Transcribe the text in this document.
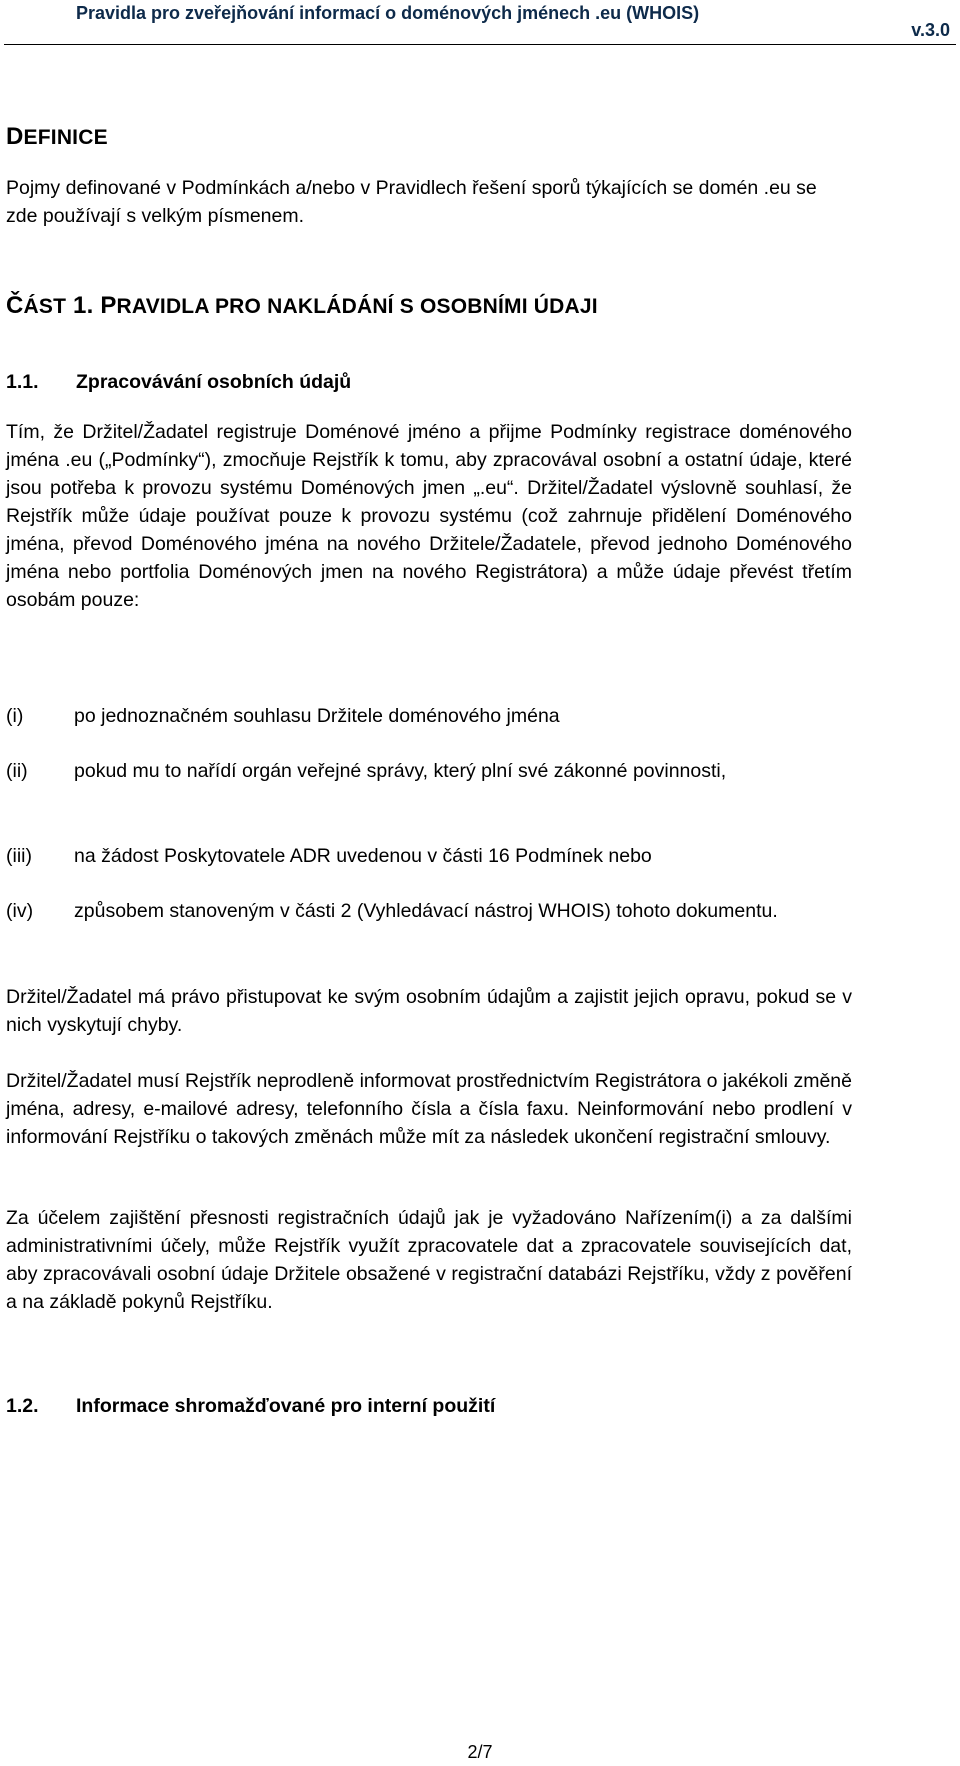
Pravidla pro zveřejňování informací o doménových jménech .eu (WHOIS)
v.3.0
DEFINICE

Pojmy definované v Podmínkách a/nebo v Pravidlech řešení sporů týkajících se domén .eu se zde používají s velkým písmenem.

ČÁST 1. PRAVIDLA PRO NAKLÁDÁNÍ S OSOBNÍMI ÚDAJI
1.1.	Zpracovávání osobních údajů

Tím, že Držitel/Žadatel registruje Doménové jméno a přijme Podmínky registrace doménového jména .eu („Podmínky“), zmocňuje Rejstřík k tomu, aby zpracovával osobní a ostatní údaje, které jsou potřeba k provozu systému Doménových jmen „.eu“. Držitel/Žadatel výslovně souhlasí, že Rejstřík může údaje používat pouze k provozu systému (což zahrnuje přidělení Doménového jména, převod Doménového jména na nového Držitele/Žadatele, převod jednoho Doménového jména nebo portfolia Doménových jmen na nového Registrátora) a může údaje převést třetím osobám pouze:

(i)	po jednoznačném souhlasu Držitele doménového jména
(ii)	pokud mu to nařídí orgán veřejné správy, který plní své zákonné povinnosti,
(iii)	na žádost Poskytovatele ADR uvedenou v části 16 Podmínek nebo
(iv)	způsobem stanoveným v části 2 (Vyhledávací nástroj WHOIS) tohoto dokumentu.

Držitel/Žadatel má právo přistupovat ke svým osobním údajům a zajistit jejich opravu, pokud se v nich vyskytují chyby.

Držitel/Žadatel musí Rejstřík neprodleně informovat prostřednictvím Registrátora o jakékoli změně jména, adresy, e-mailové adresy, telefonního čísla a čísla faxu. Neinformování nebo prodlení v informování Rejstříku o takových změnách může mít za následek ukončení registrační smlouvy.

Za účelem zajištění přesnosti registračních údajů jak je vyžadováno Nařízením(i) a za dalšími administrativními účely, může Rejstřík využít zpracovatele dat a zpracovatele souvisejících dat, aby zpracovávali osobní údaje Držitele obsažené v registrační databázi Rejstříku, vždy z pověření a na základě pokynů Rejstříku.

1.2.	Informace shromažďované pro interní použití
2/7
